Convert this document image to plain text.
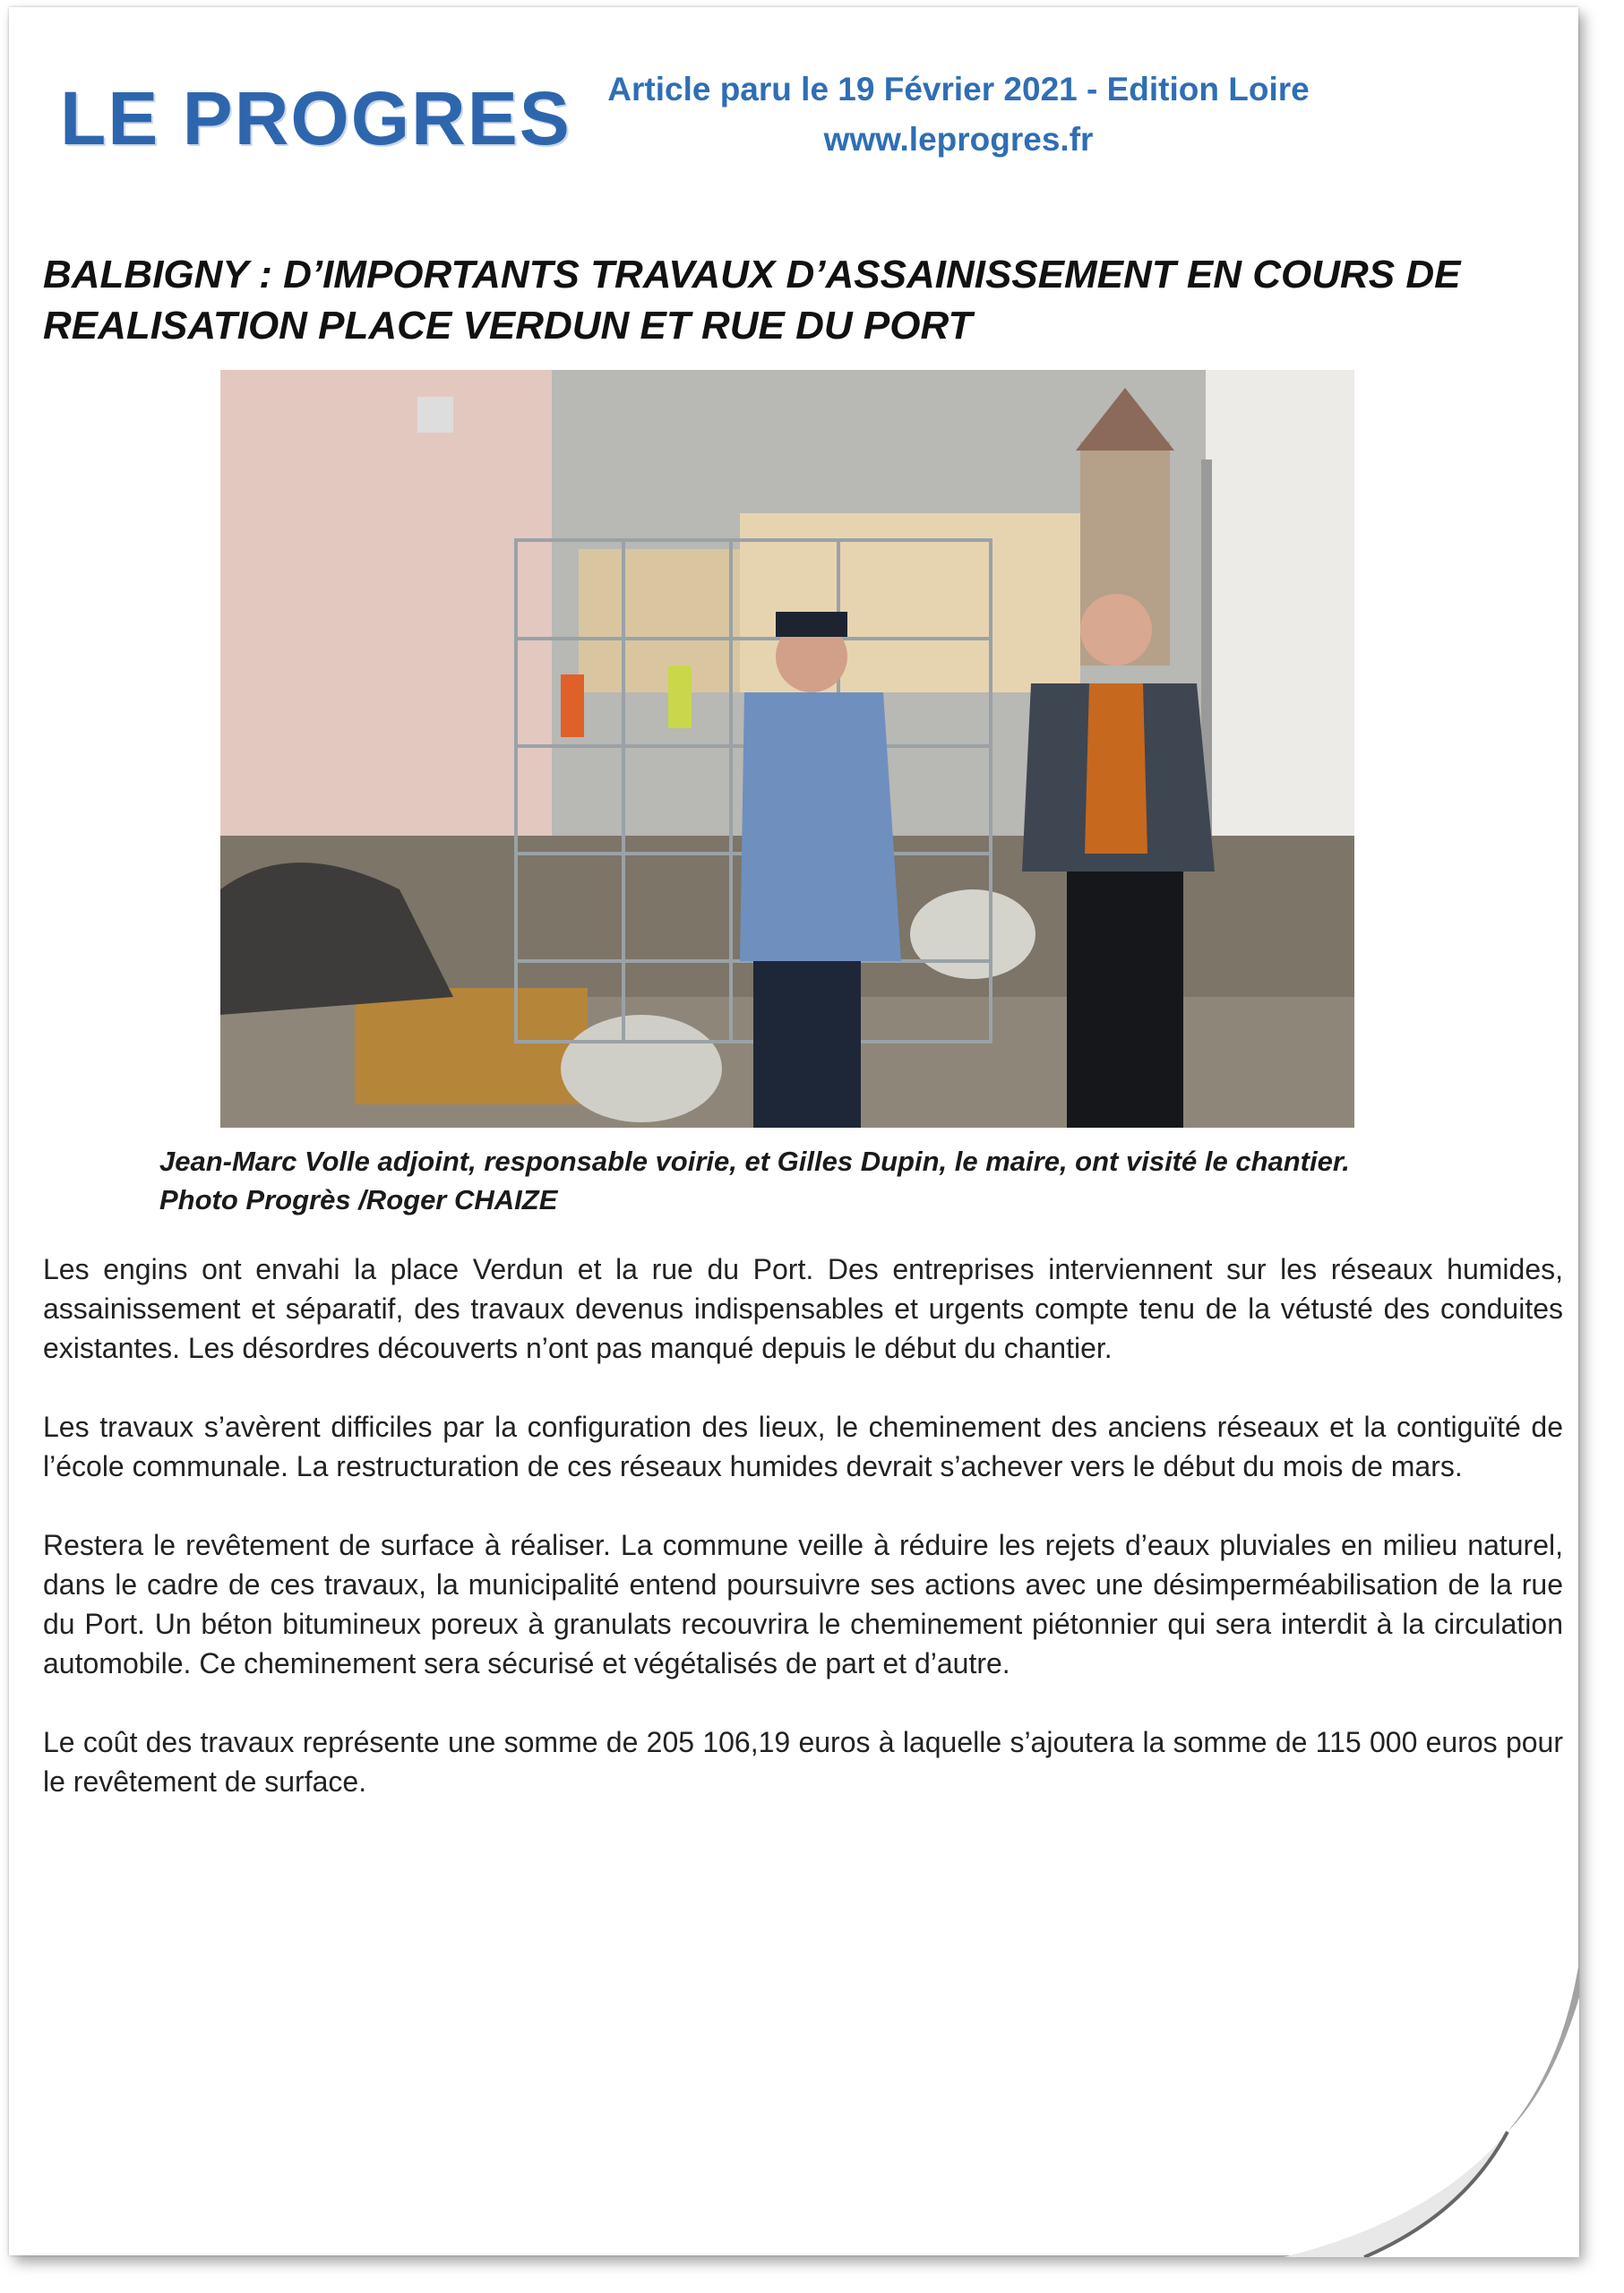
LE PROGRES	Article paru le 19 Février 2021 - Edition Loire
www.leprogres.fr
BALBIGNY : D’IMPORTANTS TRAVAUX D’ASSAINISSEMENT EN COURS DE REALISATION PLACE VERDUN ET RUE DU PORT
Jean-Marc Volle adjoint, responsable voirie, et Gilles Dupin, le maire, ont visité le chantier.
Photo Progrès /Roger CHAIZE

Les engins ont envahi la place Verdun et la rue du Port. Des entreprises interviennent sur les réseaux humides, assainissement et séparatif, des travaux devenus indispensables et urgents compte tenu de la vétusté des conduites existantes. Les désordres découverts n’ont pas manqué depuis le début du chantier.

Les travaux s’avèrent difficiles par la configuration des lieux, le cheminement des anciens réseaux et la contiguïté de l’école communale. La restructuration de ces réseaux humides devrait s’achever vers le début du mois de mars.

Restera le revêtement de surface à réaliser. La commune veille à réduire les rejets d’eaux pluviales en milieu naturel, dans le cadre de ces travaux, la municipalité entend poursuivre ses actions avec une désimperméabilisation de la rue du Port. Un béton bitumineux poreux à granulats recouvrira le cheminement piétonnier qui sera interdit à la circulation automobile. Ce cheminement sera sécurisé et végétalisés de part et d’autre.

Le coût des travaux représente une somme de 205 106,19 euros à laquelle s’ajoutera la somme de 115 000 euros pour le revêtement de surface.
